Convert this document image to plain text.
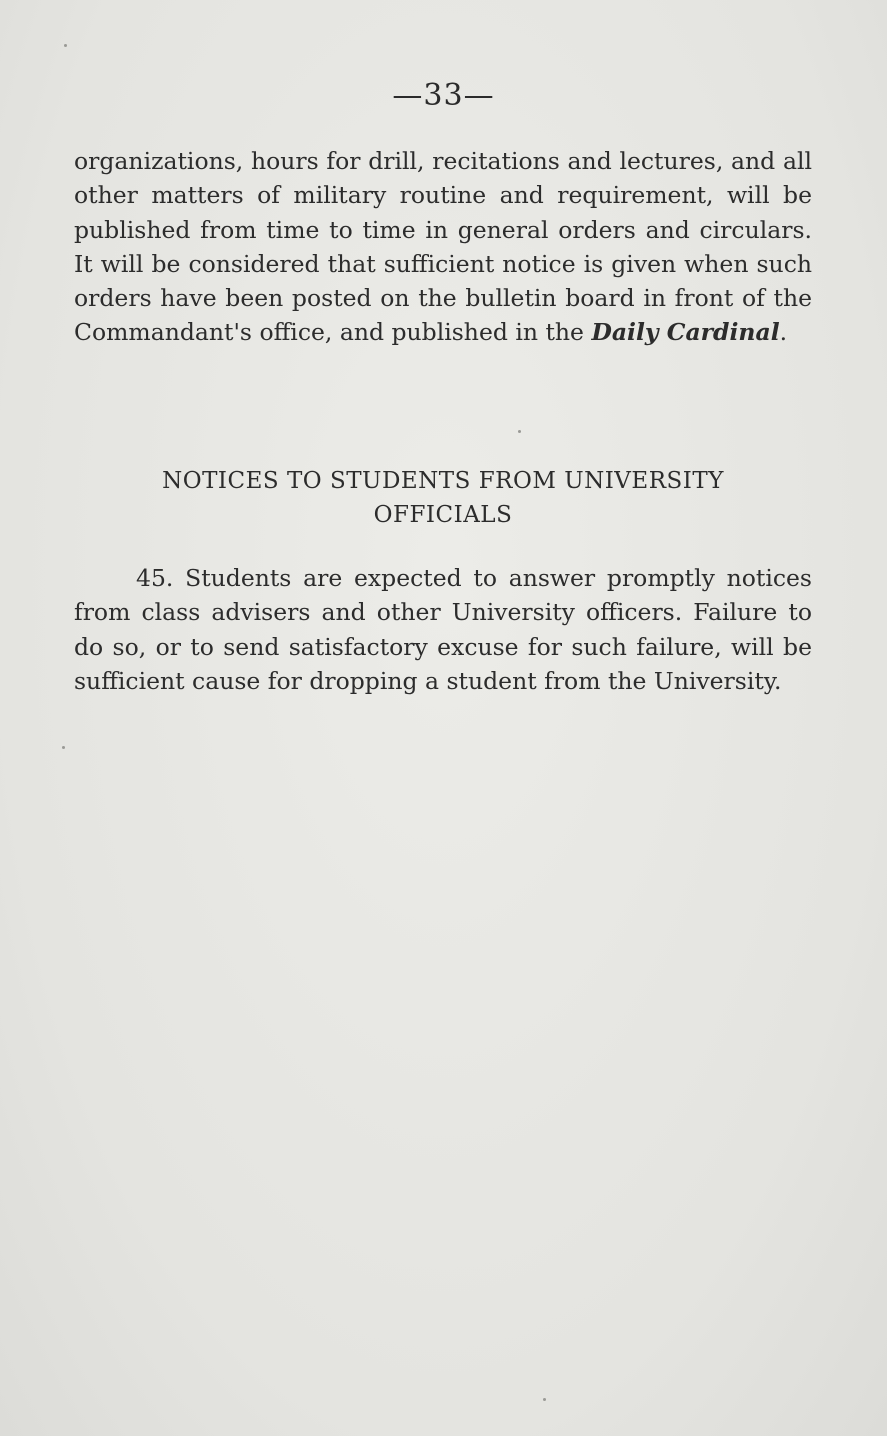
—33—

organizations, hours for drill, recitations and lectures, and all other matters of military routine and requirement, will be published from time to time in general orders and circulars. It will be considered that sufficient notice is given when such orders have been posted on the bulletin board in front of the Commandant's office, and published in the Daily Cardinal.

NOTICES TO STUDENTS FROM UNIVERSITY
OFFICIALS

45. Students are expected to answer promptly notices from class advisers and other University officers. Failure to do so, or to send satisfactory excuse for such failure, will be sufficient cause for dropping a student from the University.
